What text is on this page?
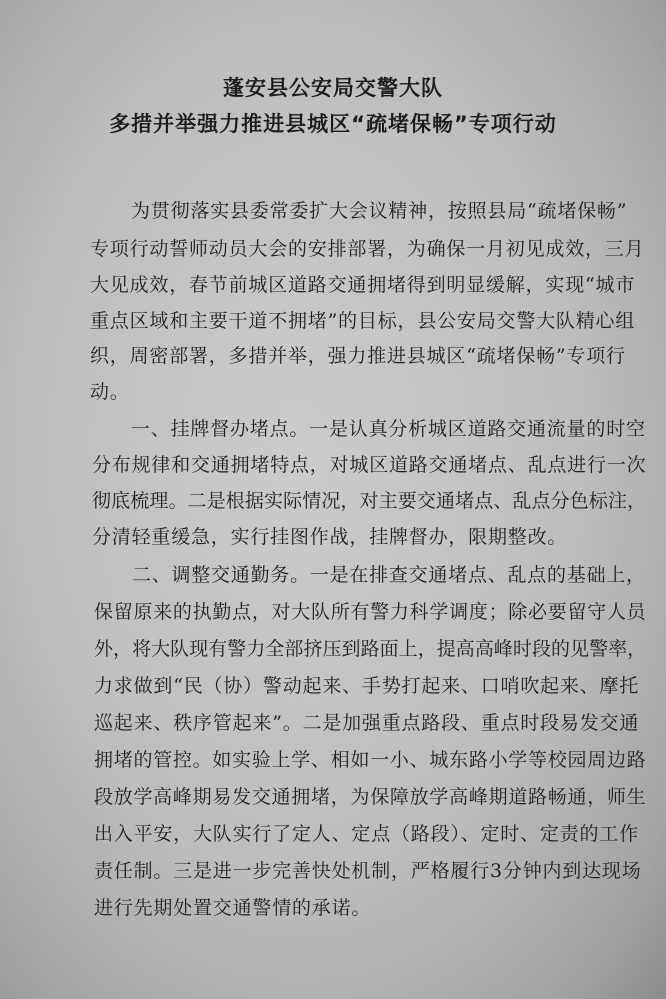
蓬安县公安局交警大队
多措并举强力推进县城区“疏堵保畅”专项行动
为贯彻落实县委常委扩大会议精神，按照县局“疏堵保畅”
专项行动誓师动员大会的安排部署，为确保一月初见成效，三月
大见成效，春节前城区道路交通拥堵得到明显缓解，实现“城市
重点区域和主要干道不拥堵”的目标，县公安局交警大队精心组
织，周密部署，多措并举，强力推进县城区“疏堵保畅”专项行
动。
一、挂牌督办堵点。一是认真分析城区道路交通流量的时空
分布规律和交通拥堵特点，对城区道路交通堵点、乱点进行一次
彻底梳理。二是根据实际情况，对主要交通堵点、乱点分色标注，
分清轻重缓急，实行挂图作战，挂牌督办，限期整改。
二、调整交通勤务。一是在排查交通堵点、乱点的基础上，
保留原来的执勤点，对大队所有警力科学调度；除必要留守人员
外，将大队现有警力全部挤压到路面上，提高高峰时段的见警率，
力求做到“民（协）警动起来、手势打起来、口哨吹起来、摩托
巡起来、秩序管起来”。二是加强重点路段、重点时段易发交通
拥堵的管控。如实验上学、相如一小、城东路小学等校园周边路
段放学高峰期易发交通拥堵，为保障放学高峰期道路畅通，师生
出入平安，大队实行了定人、定点（路段）、定时、定责的工作
责任制。三是进一步完善快处机制，严格履行3分钟内到达现场
进行先期处置交通警情的承诺。
